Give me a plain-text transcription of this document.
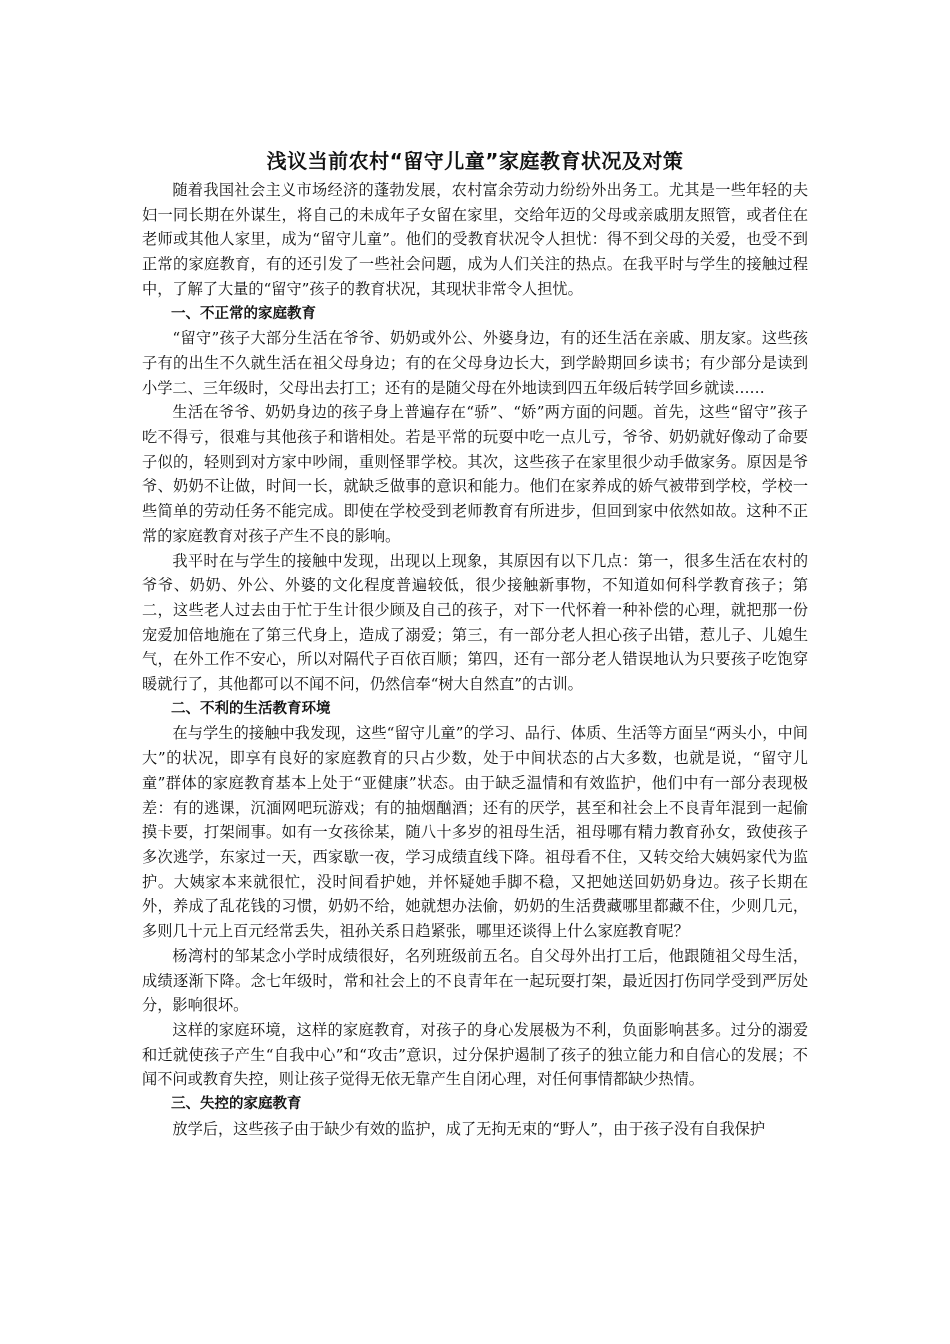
浅议当前农村“留守儿童”家庭教育状况及对策

随着我国社会主义市场经济的蓬勃发展，农村富余劳动力纷纷外出务工。尤其是一些年轻的夫妇一同长期在外谋生，将自己的未成年子女留在家里，交给年迈的父母或亲戚朋友照管，或者住在老师或其他人家里，成为“留守儿童”。他们的受教育状况令人担忧：得不到父母的关爱，也受不到正常的家庭教育，有的还引发了一些社会问题，成为人们关注的热点。在我平时与学生的接触过程中，了解了大量的“留守”孩子的教育状况，其现状非常令人担忧。

一、不正常的家庭教育

“留守”孩子大部分生活在爷爷、奶奶或外公、外婆身边，有的还生活在亲戚、朋友家。这些孩子有的出生不久就生活在祖父母身边；有的在父母身边长大，到学龄期回乡读书；有少部分是读到小学二、三年级时，父母出去打工；还有的是随父母在外地读到四五年级后转学回乡就读……

生活在爷爷、奶奶身边的孩子身上普遍存在“骄”、“娇”两方面的问题。首先，这些“留守”孩子吃不得亏，很难与其他孩子和谐相处。若是平常的玩耍中吃一点儿亏，爷爷、奶奶就好像动了命要子似的，轻则到对方家中吵闹，重则怪罪学校。其次，这些孩子在家里很少动手做家务。原因是爷爷、奶奶不让做，时间一长，就缺乏做事的意识和能力。他们在家养成的娇气被带到学校，学校一些简单的劳动任务不能完成。即使在学校受到老师教育有所进步，但回到家中依然如故。这种不正常的家庭教育对孩子产生不良的影响。

我平时在与学生的接触中发现，出现以上现象，其原因有以下几点：第一，很多生活在农村的爷爷、奶奶、外公、外婆的文化程度普遍较低，很少接触新事物，不知道如何科学教育孩子；第二，这些老人过去由于忙于生计很少顾及自己的孩子，对下一代怀着一种补偿的心理，就把那一份宠爱加倍地施在了第三代身上，造成了溺爱；第三，有一部分老人担心孩子出错，惹儿子、儿媳生气，在外工作不安心，所以对隔代子百依百顺；第四，还有一部分老人错误地认为只要孩子吃饱穿暖就行了，其他都可以不闻不问，仍然信奉“树大自然直”的古训。

二、不利的生活教育环境

在与学生的接触中我发现，这些“留守儿童”的学习、品行、体质、生活等方面呈“两头小，中间大”的状况，即享有良好的家庭教育的只占少数，处于中间状态的占大多数，也就是说，“留守儿童”群体的家庭教育基本上处于“亚健康”状态。由于缺乏温情和有效监护，他们中有一部分表现极差：有的逃课，沉湎网吧玩游戏；有的抽烟酗酒；还有的厌学，甚至和社会上不良青年混到一起偷摸卡要，打架闹事。如有一女孩徐某，随八十多岁的祖母生活，祖母哪有精力教育孙女，致使孩子多次逃学，东家过一天，西家歇一夜，学习成绩直线下降。祖母看不住，又转交给大姨妈家代为监护。大姨家本来就很忙，没时间看护她，并怀疑她手脚不稳，又把她送回奶奶身边。孩子长期在外，养成了乱花钱的习惯，奶奶不给，她就想办法偷，奶奶的生活费藏哪里都藏不住，少则几元，多则几十元上百元经常丢失，祖孙关系日趋紧张，哪里还谈得上什么家庭教育呢？

杨湾村的邹某念小学时成绩很好，名列班级前五名。自父母外出打工后，他跟随祖父母生活，成绩逐渐下降。念七年级时，常和社会上的不良青年在一起玩耍打架，最近因打伤同学受到严厉处分，影响很坏。

这样的家庭环境，这样的家庭教育，对孩子的身心发展极为不利，负面影响甚多。过分的溺爱和迁就使孩子产生“自我中心”和“攻击”意识，过分保护遏制了孩子的独立能力和自信心的发展；不闻不问或教育失控，则让孩子觉得无依无靠产生自闭心理，对任何事情都缺少热情。

三、失控的家庭教育

放学后，这些孩子由于缺少有效的监护，成了无拘无束的“野人”，由于孩子没有自我保护
